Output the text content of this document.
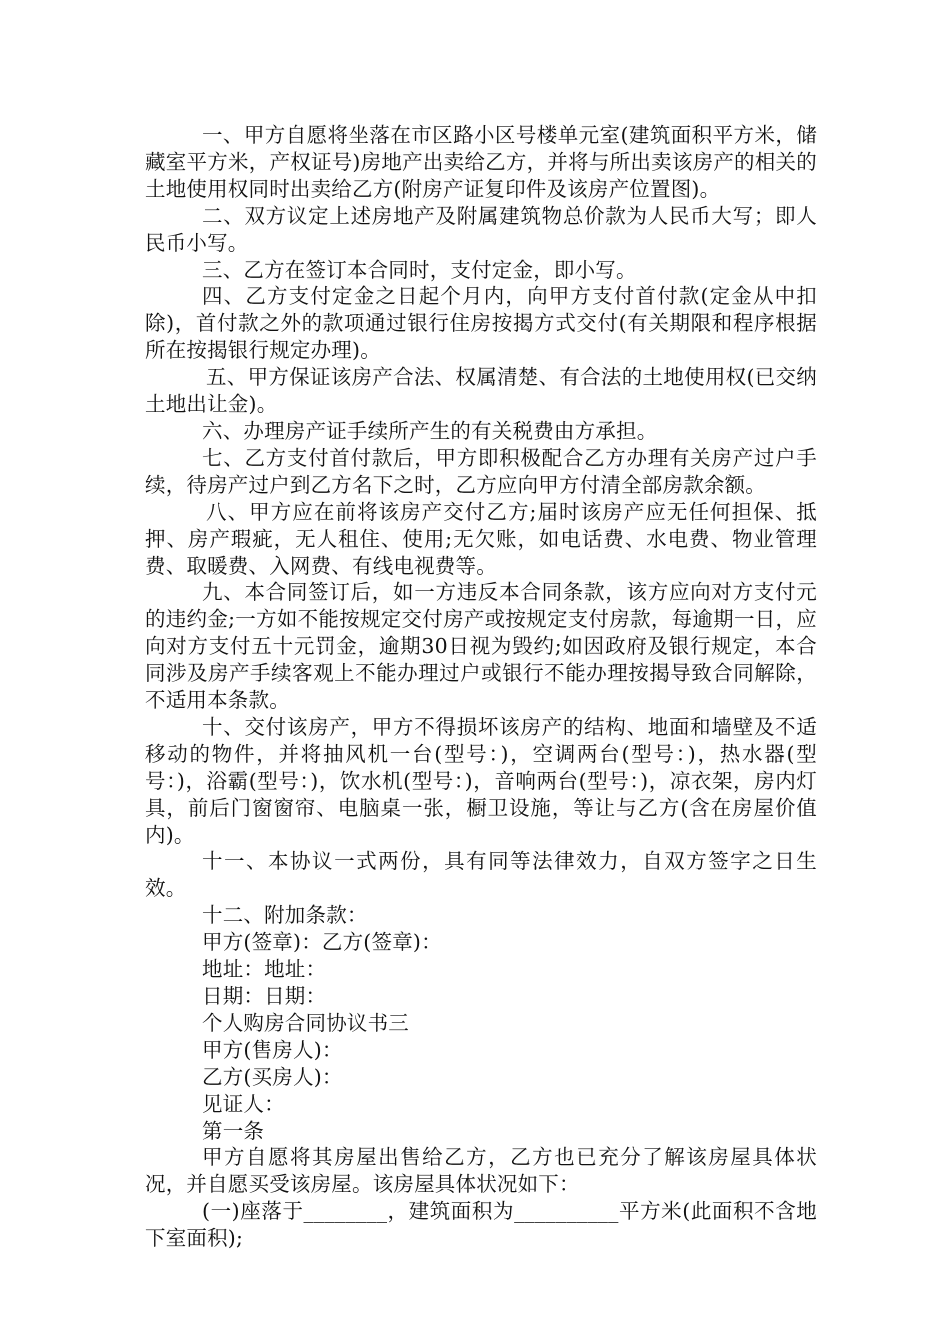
一、甲方自愿将坐落在市区路小区号楼单元室(建筑面积平方米，储藏室平方米，产权证号)房地产出卖给乙方，并将与所出卖该房产的相关的土地使用权同时出卖给乙方(附房产证复印件及该房产位置图)。

二、双方议定上述房地产及附属建筑物总价款为人民币大写；即人民币小写。

三、乙方在签订本合同时，支付定金，即小写。

四、乙方支付定金之日起个月内，向甲方支付首付款(定金从中扣除)，首付款之外的款项通过银行住房按揭方式交付(有关期限和程序根据所在按揭银行规定办理)。

五、甲方保证该房产合法、权属清楚、有合法的土地使用权(已交纳土地出让金)。

六、办理房产证手续所产生的有关税费由方承担。

七、乙方支付首付款后，甲方即积极配合乙方办理有关房产过户手续，待房产过户到乙方名下之时，乙方应向甲方付清全部房款余额。

八、甲方应在前将该房产交付乙方;届时该房产应无任何担保、抵押、房产瑕疵，无人租住、使用;无欠账，如电话费、水电费、物业管理费、取暖费、入网费、有线电视费等。

九、本合同签订后，如一方违反本合同条款，该方应向对方支付元的违约金;一方如不能按规定交付房产或按规定支付房款，每逾期一日，应向对方支付五十元罚金，逾期30日视为毁约;如因政府及银行规定，本合同涉及房产手续客观上不能办理过户或银行不能办理按揭导致合同解除，不适用本条款。

十、交付该房产，甲方不得损坏该房产的结构、地面和墙壁及不适移动的物件，并将抽风机一台(型号：)，空调两台(型号：)，热水器(型号：)，浴霸(型号：)，饮水机(型号：)，音响两台(型号：)，凉衣架，房内灯具，前后门窗窗帘、电脑桌一张，橱卫设施，等让与乙方(含在房屋价值内)。

十一、本协议一式两份，具有同等法律效力，自双方签字之日生效。

十二、附加条款：

甲方(签章)：乙方(签章)：

地址：地址：

日期：日期：

个人购房合同协议书三

甲方(售房人)：

乙方(买房人)：

见证人：

第一条

甲方自愿将其房屋出售给乙方，乙方也已充分了解该房屋具体状况，并自愿买受该房屋。该房屋具体状况如下：

(一)座落于________，建筑面积为__________平方米(此面积不含地下室面积);
